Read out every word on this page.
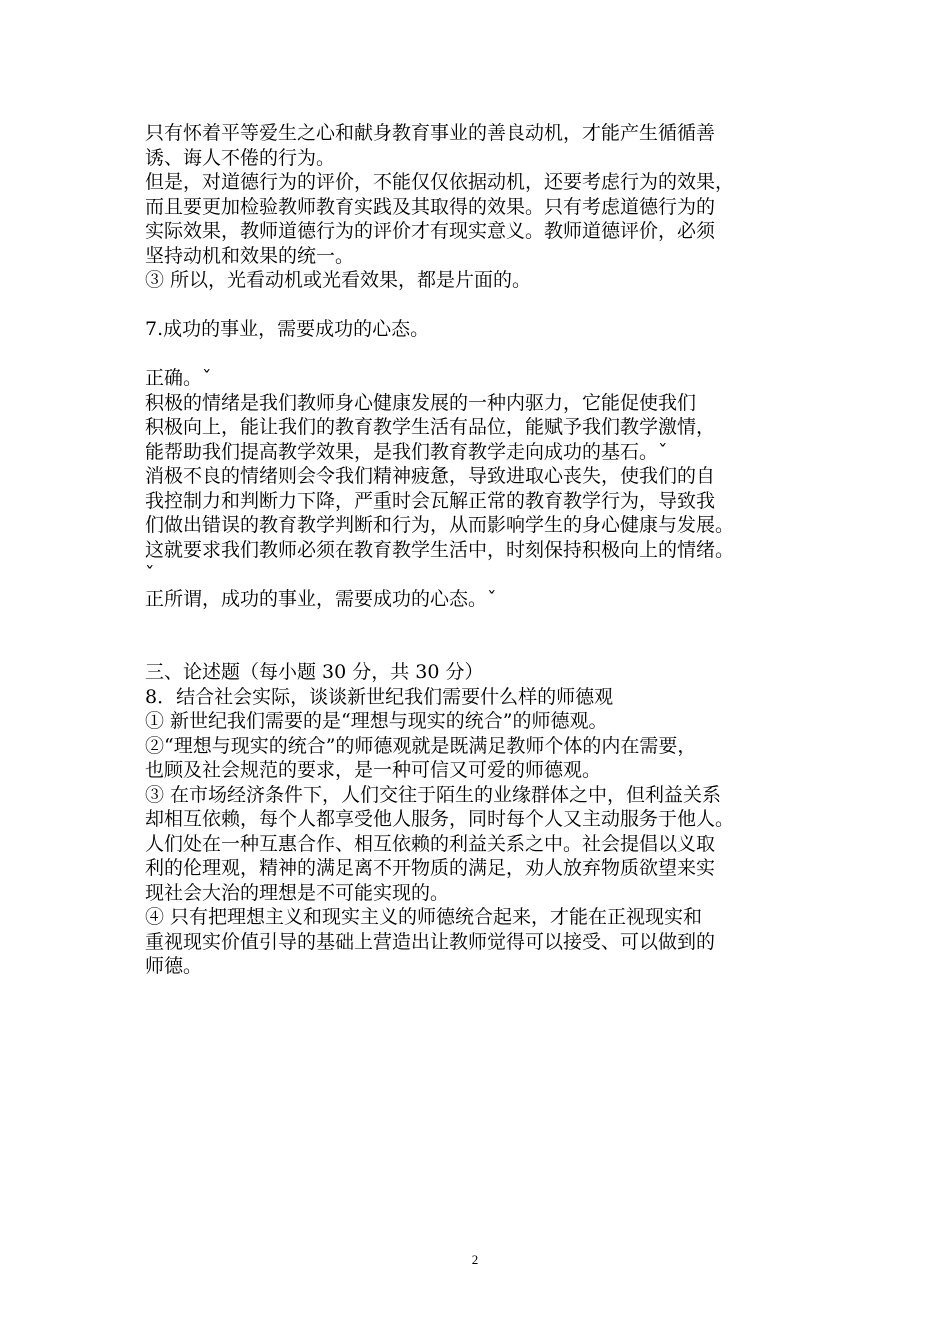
只有怀着平等爱生之心和献身教育事业的善良动机，才能产生循循善
诱、诲人不倦的行为。
但是，对道德行为的评价，不能仅仅依据动机，还要考虑行为的效果，
而且要更加检验教师教育实践及其取得的效果。只有考虑道德行为的
实际效果，教师道德行为的评价才有现实意义。教师道德评价，必须
坚持动机和效果的统一。
③ 所以，光看动机或光看效果，都是片面的。
7.成功的事业，需要成功的心态。
正确。ˇ
积极的情绪是我们教师身心健康发展的一种内驱力，它能促使我们
积极向上，能让我们的教育教学生活有品位，能赋予我们教学激情，
能帮助我们提高教学效果，是我们教育教学走向成功的基石。ˇ
消极不良的情绪则会令我们精神疲惫，导致进取心丧失，使我们的自
我控制力和判断力下降，严重时会瓦解正常的教育教学行为，导致我
们做出错误的教育教学判断和行为，从而影响学生的身心健康与发展。
这就要求我们教师必须在教育教学生活中，时刻保持积极向上的情绪。
ˇ
正所谓，成功的事业，需要成功的心态。ˇ
三、论述题（每小题 30 分，共 30 分）
8．结合社会实际，谈谈新世纪我们需要什么样的师德观
① 新世纪我们需要的是“理想与现实的统合”的师德观。
②“理想与现实的统合”的师德观就是既满足教师个体的内在需要，
也顾及社会规范的要求，是一种可信又可爱的师德观。
③ 在市场经济条件下，人们交往于陌生的业缘群体之中，但利益关系
却相互依赖，每个人都享受他人服务，同时每个人又主动服务于他人。
人们处在一种互惠合作、相互依赖的利益关系之中。社会提倡以义取
利的伦理观，精神的满足离不开物质的满足，劝人放弃物质欲望来实
现社会大治的理想是不可能实现的。
④ 只有把理想主义和现实主义的师德统合起来，才能在正视现实和
重视现实价值引导的基础上营造出让教师觉得可以接受、可以做到的
师德。
2
